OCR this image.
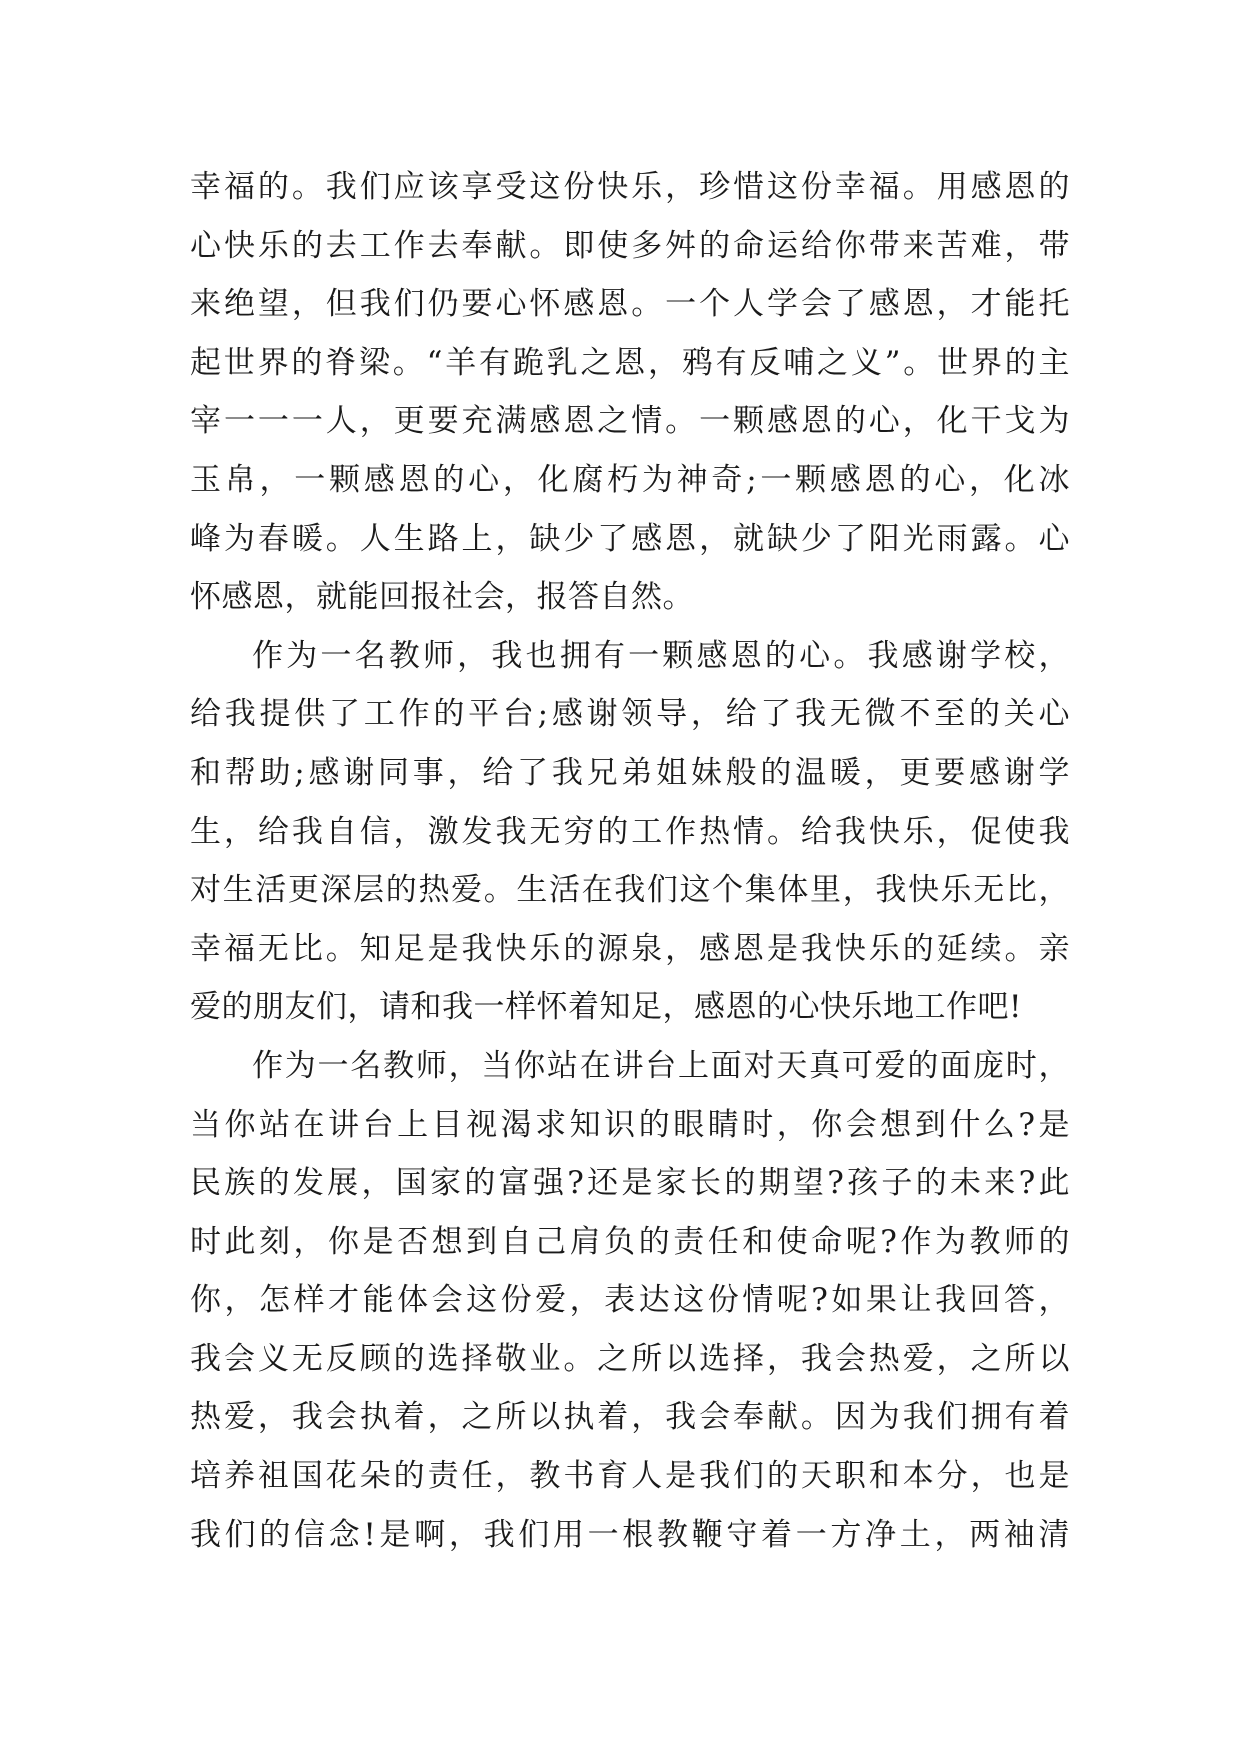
幸福的。我们应该享受这份快乐，珍惜这份幸福。用感恩的
心快乐的去工作去奉献。即使多舛的命运给你带来苦难，带
来绝望，但我们仍要心怀感恩。一个人学会了感恩，才能托
起世界的脊梁。“羊有跪乳之恩，鸦有反哺之义”。世界的主
宰一一一人，更要充满感恩之情。一颗感恩的心，化干戈为
玉帛，一颗感恩的心，化腐朽为神奇;一颗感恩的心，化冰
峰为春暖。人生路上，缺少了感恩，就缺少了阳光雨露。心
怀感恩，就能回报社会，报答自然。
作为一名教师，我也拥有一颗感恩的心。我感谢学校，
给我提供了工作的平台;感谢领导，给了我无微不至的关心
和帮助;感谢同事，给了我兄弟姐妹般的温暖，更要感谢学
生，给我自信，激发我无穷的工作热情。给我快乐，促使我
对生活更深层的热爱。生活在我们这个集体里，我快乐无比，
幸福无比。知足是我快乐的源泉，感恩是我快乐的延续。亲
爱的朋友们，请和我一样怀着知足，感恩的心快乐地工作吧!
作为一名教师，当你站在讲台上面对天真可爱的面庞时，
当你站在讲台上目视渴求知识的眼睛时，你会想到什么?是
民族的发展，国家的富强?还是家长的期望?孩子的未来?此
时此刻，你是否想到自己肩负的责任和使命呢?作为教师的
你，怎样才能体会这份爱，表达这份情呢?如果让我回答，
我会义无反顾的选择敬业。之所以选择，我会热爱，之所以
热爱，我会执着，之所以执着，我会奉献。因为我们拥有着
培养祖国花朵的责任，教书育人是我们的天职和本分，也是
我们的信念!是啊，我们用一根教鞭守着一方净土，两袖清
